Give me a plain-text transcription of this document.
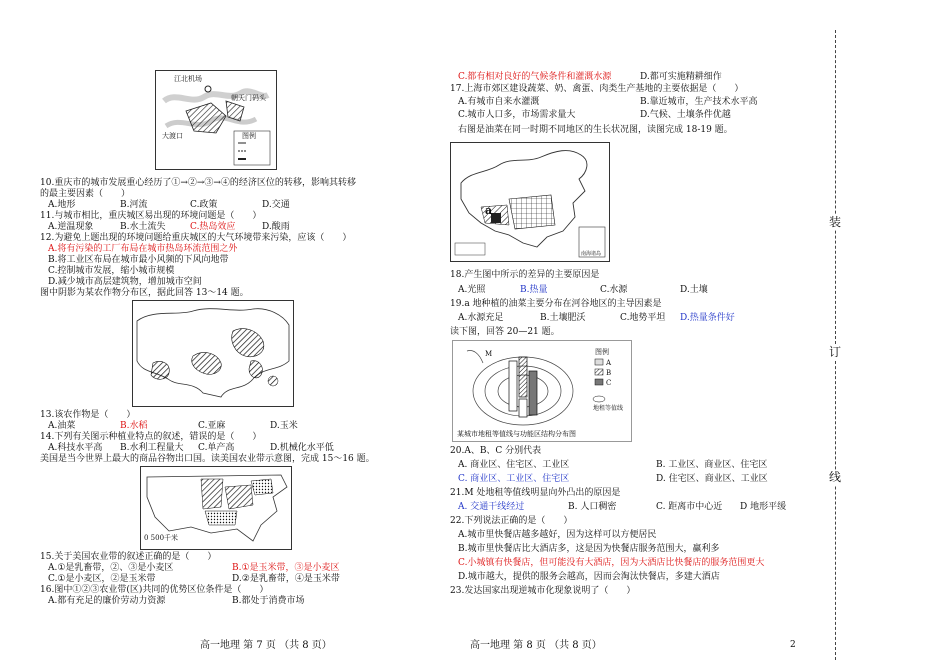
江北机场
大渡口
朝天门码头
图例
10.重庆市的城市发展重心经历了①→②→③→④的经济区位的转移，影响其转移
的最主要因素（　　）
A.地形	B.河流	C.政策	D.交通
11.与城市相比，重庆城区易出现的环境问题是（　　）
A.逆温现象	B.水土流失	C.热岛效应	D.酸雨
12.为避免上题出现的环境问题给重庆城区的大气环境带来污染，应该（　　）
A.将有污染的工厂布局在城市热岛环流范围之外
B.将工业区布局在城市最小风频的下风向地带
C.控制城市发展，缩小城市规模
D.减少城市高层建筑物，增加城市空间
图中阴影为某农作物分布区，据此回答 13～14 题。
13.该农作物是（　　）
A.油菜	B.水稻	C.亚麻	D.玉米
14.下列有关图示种植业特点的叙述，错误的是（　　）
A.科技水平高 B.水利工程量大 C.单产高	D.机械化水平低
美国是当今世界上最大的商品谷物出口国。读美国农业带示意图，完成 15～16 题。
0 500千米
15.关于美国农业带的叙述正确的是（　　）
A.①是乳畜带，②、③是小麦区	B.①是玉米带，③是小麦区
C.①是小麦区，②是玉米带	D.②是乳畜带，④是玉米带
16.图中①②③农业带(区)共同的优势区位条件是（　　）
A.都有充足的廉价劳动力资源	B.都处于消费市场
高一地理 第 7 页 （共 8 页）
C.都有相对良好的气候条件和灌溉水源	D.都可实施精耕细作
17.上海市郊区建设蔬菜、奶、禽蛋、肉类生产基地的主要依据是（　　）
A.有城市自来水灌溉	B.靠近城市，生产技术水平高
C.城市人口多，市场需求量大	D.气候、土壤条件优越
右图是油菜在同一时期不同地区的生长状况图，读图完成 18-19 题。
a
南海诸岛
18.产生图中所示的差异的主要原因是
A.光照	B.热量	C.水源	D.土壤
19.a 地种植的油菜主要分布在河谷地区的主导因素是
A.水源充足	B.土壤肥沃	C.地势平坦 D.热量条件好
读下图，回答 20—21 题。
M	图例
A
B
C
地租等值线
某城市地租等值线与功能区结构分布图
20.A、B、C 分别代表
A. 商业区、住宅区、工业区	B. 工业区、商业区、住宅区
C. 商业区、工业区、住宅区	D. 住宅区、商业区、工业区
21.M 处地租等值线明显向外凸出的原因是
A. 交通干线经过	B. 人口稠密	C. 距离市中心近 D 地形平缓
22.下列说法正确的是（　　）
A.城市里快餐店越多越好，因为这样可以方便居民
B.城市里快餐店比大酒店多，这是因为快餐店服务范围大，赢利多
C.小城镇有快餐店，但可能没有大酒店，因为大酒店比快餐店的服务范围更大
D.城市越大，提供的服务会越高，因而会淘汰快餐店，多建大酒店
23.发达国家出现逆城市化现象说明了（　　）
高一地理 第 8 页 （共 8 页）	2
装
订
线
